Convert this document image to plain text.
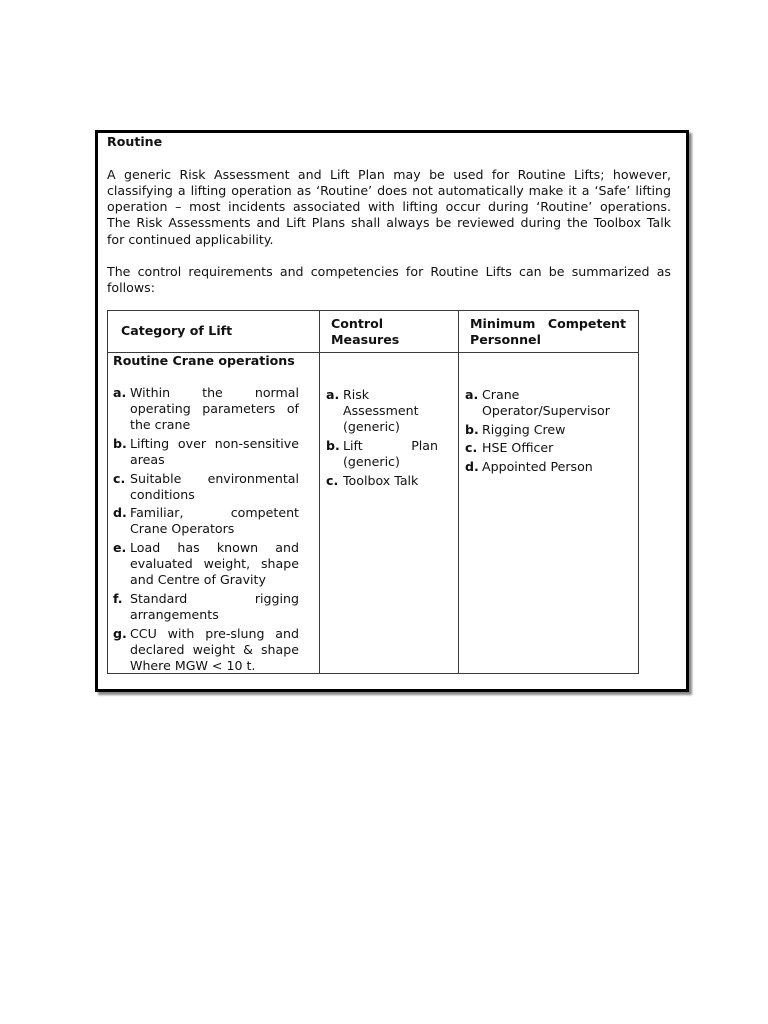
Routine
A generic Risk Assessment and Lift Plan may be used for Routine Lifts; however,
classifying a lifting operation as ‘Routine’ does not automatically make it a ‘Safe’ lifting
operation – most incidents associated with lifting occur during ‘Routine’ operations.
The Risk Assessments and Lift Plans shall always be reviewed during the Toolbox Talk
for continued applicability.
The control requirements and competencies for Routine Lifts can be summarized as
follows:
Category of Lift	Control
Measures
Minimum Competent
Personnel
Routine Crane operations
a. Within the normal
operating parameters of
the crane
b. Lifting over non-sensitive
areas
c. Suitable environmental
conditions
d. Familiar, competent
Crane Operators
e. Load has known and
evaluated weight, shape
and Centre of Gravity
f. Standard rigging
arrangements
g. CCU with pre-slung and
declared weight & shape
Where MGW < 10 t.
a. Risk
Assessment
(generic)
b. Lift Plan
(generic)
c. Toolbox Talk
a. Crane
Operator/Supervisor
b. Rigging Crew
c. HSE Officer
d. Appointed Person
